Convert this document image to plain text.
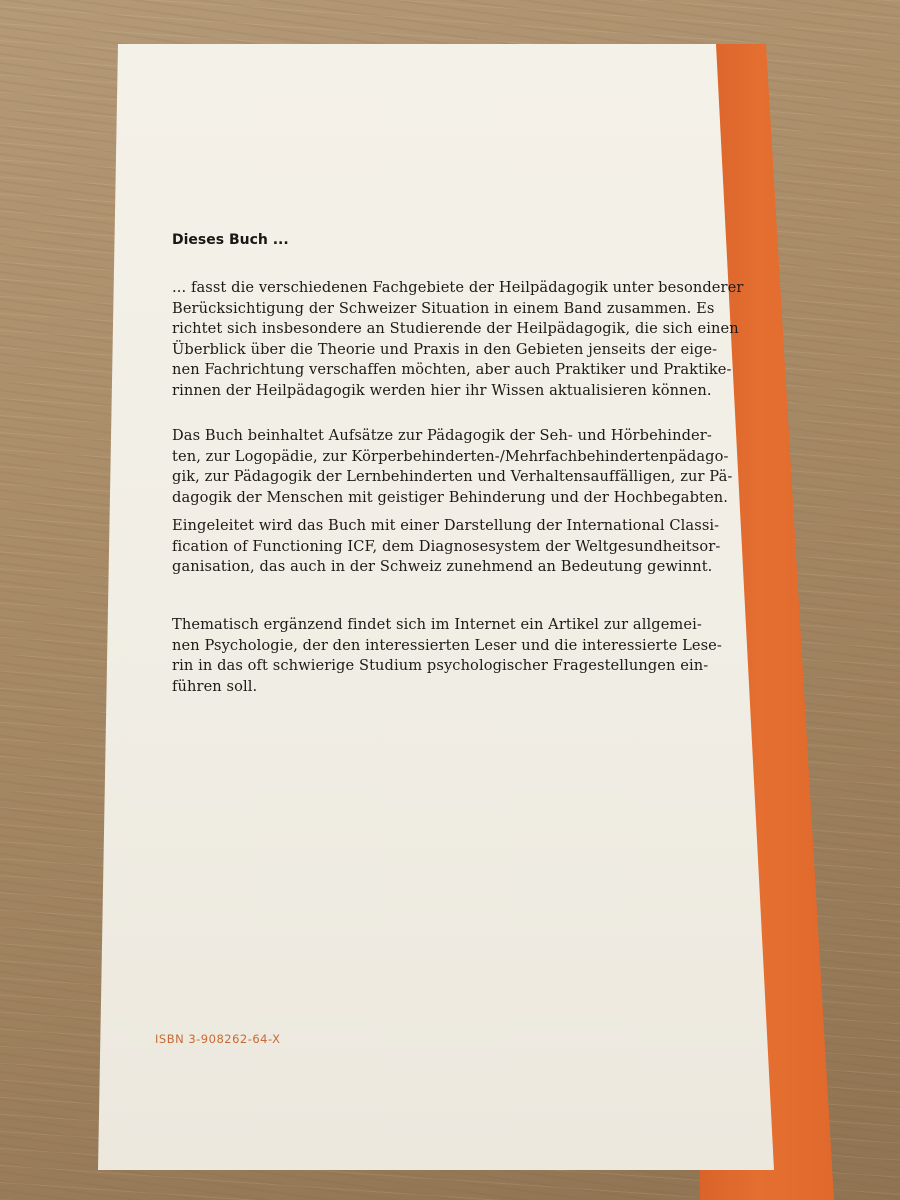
Dieses Buch ...
... fasst die verschiedenen Fachgebiete der Heilpädagogik unter besonderer
Berücksichtigung der Schweizer Situation in einem Band zusammen. Es
richtet sich insbesondere an Studierende der Heilpädagogik, die sich einen
Überblick über die Theorie und Praxis in den Gebieten jenseits der eige-
nen Fachrichtung verschaffen möchten, aber auch Praktiker und Praktike-
rinnen der Heilpädagogik werden hier ihr Wissen aktualisieren können.
Das Buch beinhaltet Aufsätze zur Pädagogik der Seh- und Hörbehinder-
ten, zur Logopädie, zur Körperbehinderten-/Mehrfachbehindertenpädago-
gik, zur Pädagogik der Lernbehinderten und Verhaltensauffälligen, zur Pä-
dagogik der Menschen mit geistiger Behinderung und der Hochbegabten.
Eingeleitet wird das Buch mit einer Darstellung der International Classi-
fication of Functioning ICF, dem Diagnosesystem der Weltgesundheitsor-
ganisation, das auch in der Schweiz zunehmend an Bedeutung gewinnt.
Thematisch ergänzend findet sich im Internet ein Artikel zur allgemei-
nen Psychologie, der den interessierten Leser und die interessierte Lese-
rin in das oft schwierige Studium psychologischer Fragestellungen ein-
führen soll.
ISBN 3-908262-64-X
